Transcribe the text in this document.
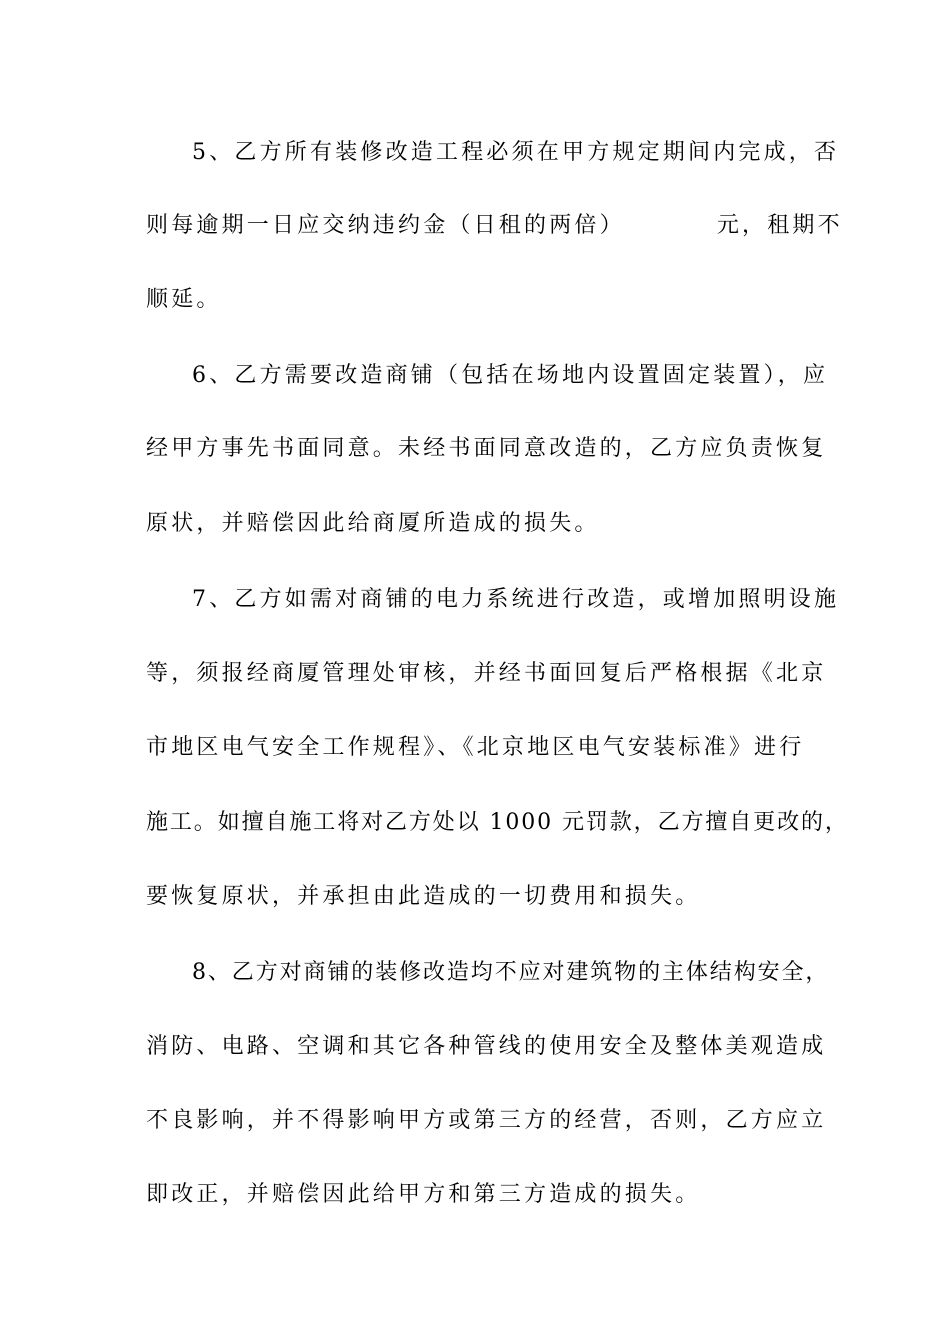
5、乙方所有装修改造工程必须在甲方规定期间内完成，否
则每逾期一日应交纳违约金（日租的两倍）	元，租期不
顺延。
6、乙方需要改造商铺（包括在场地内设置固定装置），应
经甲方事先书面同意。未经书面同意改造的，乙方应负责恢复
原状，并赔偿因此给商厦所造成的损失。
7、乙方如需对商铺的电力系统进行改造，或增加照明设施
等，须报经商厦管理处审核，并经书面回复后严格根据《北京
市地区电气安全工作规程》、《北京地区电气安装标准》进行
施工。如擅自施工将对乙方处以 1000 元罚款，乙方擅自更改的，
要恢复原状，并承担由此造成的一切费用和损失。
8、乙方对商铺的装修改造均不应对建筑物的主体结构安全，
消防、电路、空调和其它各种管线的使用安全及整体美观造成
不良影响，并不得影响甲方或第三方的经营，否则，乙方应立
即改正，并赔偿因此给甲方和第三方造成的损失。
